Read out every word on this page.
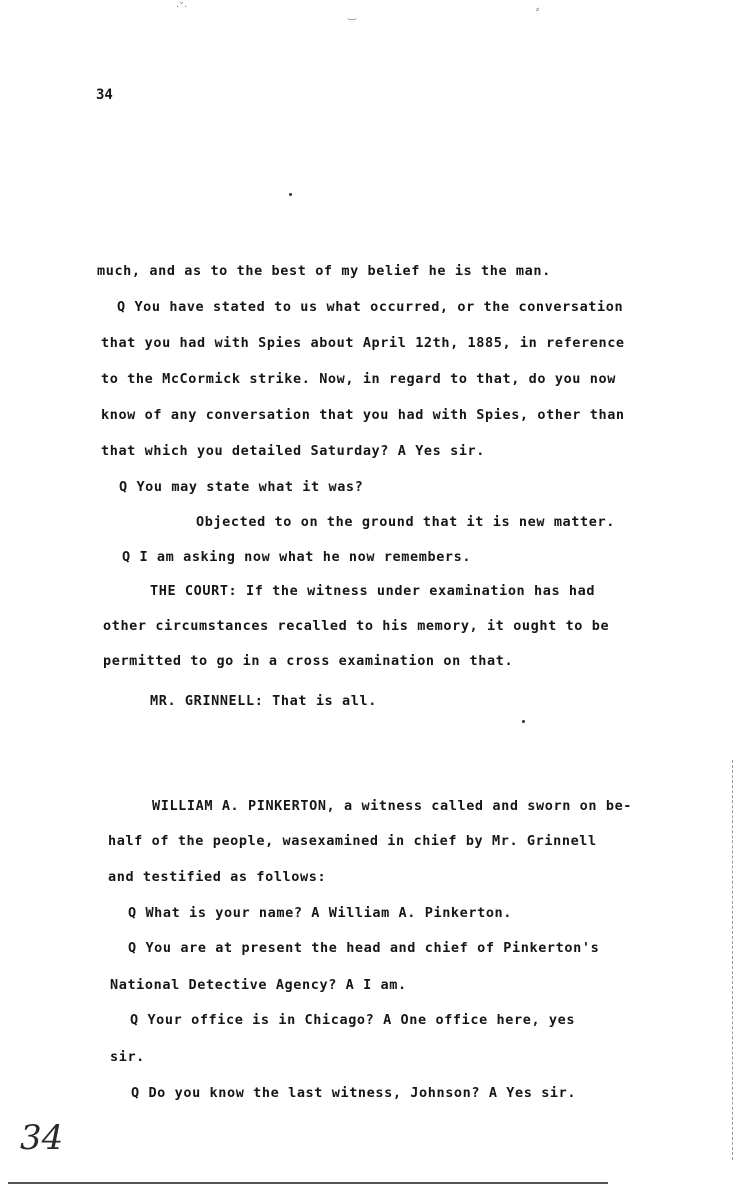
·ˇ·
‿
⸗
34
much, and as to the best of my belief he is the man.
Q You have stated to us what occurred, or the conversation
that you had with Spies about April 12th, 1885, in reference
to the McCormick strike. Now, in regard to that, do you now
know of any conversation that you had with Spies, other than
that which you detailed Saturday? A Yes sir.
Q You may state what it was?
Objected to on the ground that it is new matter.
Q I am asking now what he now remembers.
THE COURT: If the witness under examination has had
other circumstances recalled to his memory, it ought to be
permitted to go in a cross examination on that.
MR. GRINNELL: That is all.
WILLIAM A. PINKERTON, a witness called and sworn on be-
half of the people, wasexamined in chief by Mr. Grinnell
and testified as follows:
Q What is your name? A William A. Pinkerton.
Q You are at present the head and chief of Pinkerton's
National Detective Agency? A I am.
Q Your office is in Chicago? A One office here, yes
sir.
Q Do you know the last witness, Johnson? A Yes sir.
34
